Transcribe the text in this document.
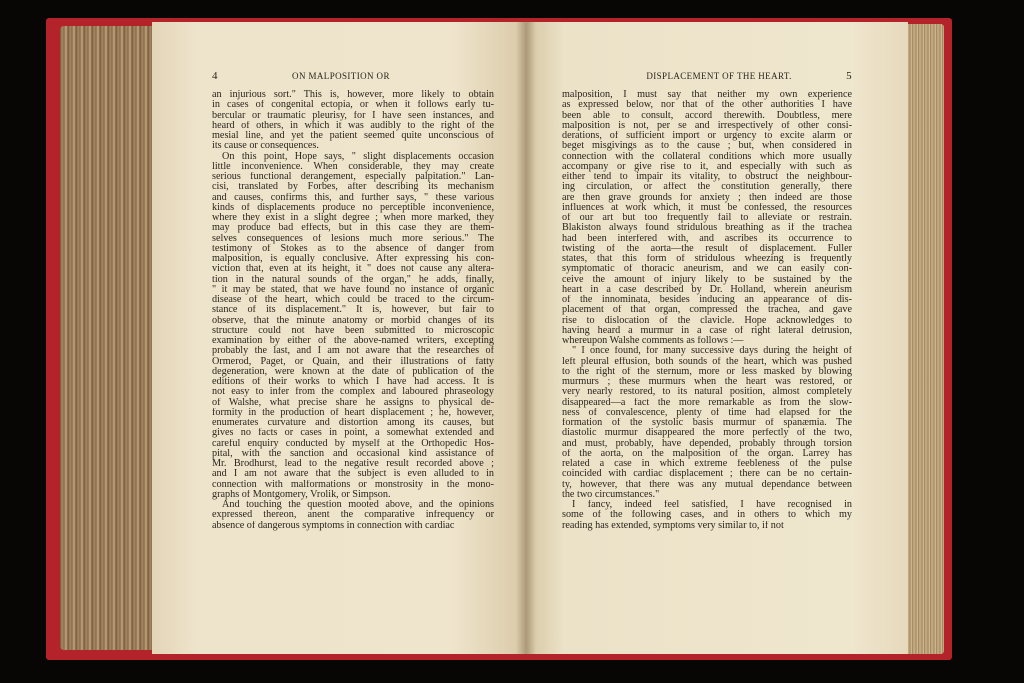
4	ON MALPOSITION OR
an injurious sort." This is, however, more likely to obtain
in cases of congenital ectopia, or when it follows early tu-
bercular or traumatic pleurisy, for I have seen instances, and
heard of others, in which it was audibly to the right of the
mesial line, and yet the patient seemed quite unconscious of
its cause or consequences.
On this point, Hope says, " slight displacements occasion
little inconvenience. When considerable, they may create
serious functional derangement, especially palpitation." Lan-
cisi, translated by Forbes, after describing its mechanism
and causes, confirms this, and further says, " these various
kinds of displacements produce no perceptible inconvenience,
where they exist in a slight degree ; when more marked, they
may produce bad effects, but in this case they are them-
selves consequences of lesions much more serious." The
testimony of Stokes as to the absence of danger from
malposition, is equally conclusive. After expressing his con-
viction that, even at its height, it " does not cause any altera-
tion in the natural sounds of the organ," he adds, finally,
" it may be stated, that we have found no instance of organic
disease of the heart, which could be traced to the circum-
stance of its displacement." It is, however, but fair to
observe, that the minute anatomy or morbid changes of its
structure could not have been submitted to microscopic
examination by either of the above-named writers, excepting
probably the last, and I am not aware that the researches of
Ormerod, Paget, or Quain, and their illustrations of fatty
degeneration, were known at the date of publication of the
editions of their works to which I have had access. It is
not easy to infer from the complex and laboured phraseology
of Walshe, what precise share he assigns to physical de-
formity in the production of heart displacement ; he, however,
enumerates curvature and distortion among its causes, but
gives no facts or cases in point, a somewhat extended and
careful enquiry conducted by myself at the Orthopedic Hos-
pital, with the sanction and occasional kind assistance of
Mr. Brodhurst, lead to the negative result recorded above ;
and I am not aware that the subject is even alluded to in
connection with malformations or monstrosity in the mono-
graphs of Montgomery, Vrolik, or Simpson.
And touching the question mooted above, and the opinions
expressed thereon, anent the comparative infrequency or
absence of dangerous symptoms in connection with cardiac
DISPLACEMENT OF THE HEART.	5
malposition, I must say that neither my own experience
as expressed below, nor that of the other authorities I have
been able to consult, accord therewith. Doubtless, mere
malposition is not, per se and irrespectively of other consi-
derations, of sufficient import or urgency to excite alarm or
beget misgivings as to the cause ; but, when considered in
connection with the collateral conditions which more usually
accompany or give rise to it, and especially with such as
either tend to impair its vitality, to obstruct the neighbour-
ing circulation, or affect the constitution generally, there
are then grave grounds for anxiety ; then indeed are those
influences at work which, it must be confessed, the resources
of our art but too frequently fail to alleviate or restrain.
Blakiston always found stridulous breathing as if the trachea
had been interfered with, and ascribes its occurrence to
twisting of the aorta—the result of displacement. Fuller
states, that this form of stridulous wheezing is frequently
symptomatic of thoracic aneurism, and we can easily con-
ceive the amount of injury likely to be sustained by the
heart in a case described by Dr. Holland, wherein aneurism
of the innominata, besides inducing an appearance of dis-
placement of that organ, compressed the trachea, and gave
rise to dislocation of the clavicle. Hope acknowledges to
having heard a murmur in a case of right lateral detrusion,
whereupon Walshe comments as follows :—
" I once found, for many successive days during the height of
left pleural effusion, both sounds of the heart, which was pushed
to the right of the sternum, more or less masked by blowing
murmurs ; these murmurs when the heart was restored, or
very nearly restored, to its natural position, almost completely
disappeared—a fact the more remarkable as from the slow-
ness of convalescence, plenty of time had elapsed for the
formation of the systolic basis murmur of spanæmia. The
diastolic murmur disappeared the more perfectly of the two,
and must, probably, have depended, probably through torsion
of the aorta, on the malposition of the organ. Larrey has
related a case in which extreme feebleness of the pulse
coincided with cardiac displacement ; there can be no certain-
ty, however, that there was any mutual dependance between
the two circumstances."
I fancy, indeed feel satisfied, I have recognised in
some of the following cases, and in others to which my
reading has extended, symptoms very similar to, if not
